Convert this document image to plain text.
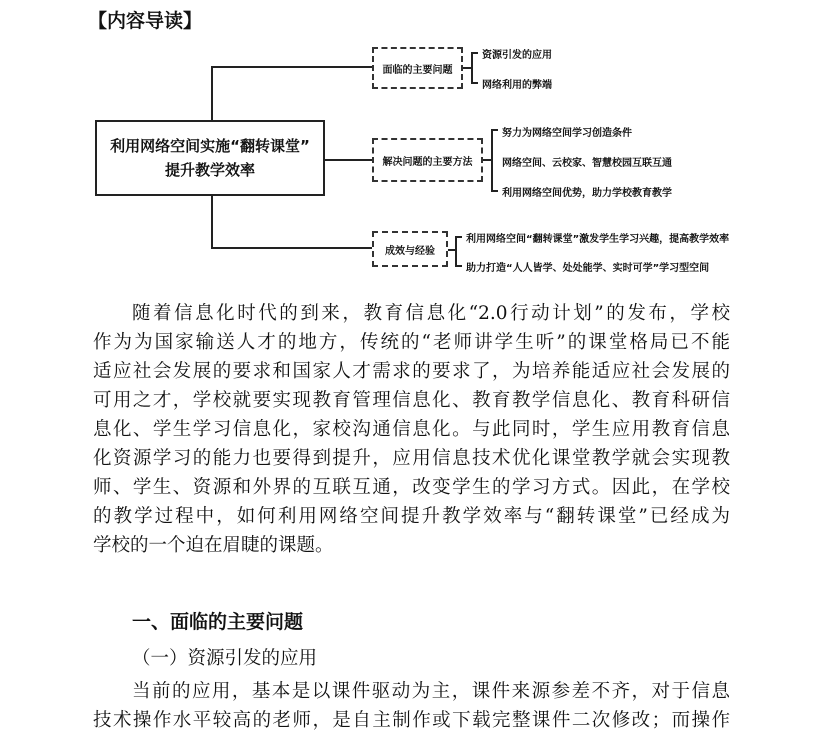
【内容导读】
利用网络空间实施“翻转课堂”
提升教学效率
面临的主要问题
资源引发的应用
网络利用的弊端
解决问题的主要方法
努力为网络空间学习创造条件
网络空间、云校家、智慧校园互联互通
利用网络空间优势，助力学校教育教学
成效与经验
利用网络空间“翻转课堂”激发学生学习兴趣，提高教学效率
助力打造“人人皆学、处处能学、实时可学”学习型空间
随着信息化时代的到来，教育信息化“2.0行动计划”的发布，学校
作为为国家输送人才的地方，传统的“老师讲学生听”的课堂格局已不能
适应社会发展的要求和国家人才需求的要求了，为培养能适应社会发展的
可用之才，学校就要实现教育管理信息化、教育教学信息化、教育科研信
息化、学生学习信息化，家校沟通信息化。与此同时，学生应用教育信息
化资源学习的能力也要得到提升，应用信息技术优化课堂教学就会实现教
师、学生、资源和外界的互联互通，改变学生的学习方式。因此，在学校
的教学过程中，如何利用网络空间提升教学效率与“翻转课堂”已经成为
学校的一个迫在眉睫的课题。
一、面临的主要问题
（一）资源引发的应用
当前的应用，基本是以课件驱动为主，课件来源参差不齐，对于信息
技术操作水平较高的老师，是自主制作或下载完整课件二次修改；而操作
